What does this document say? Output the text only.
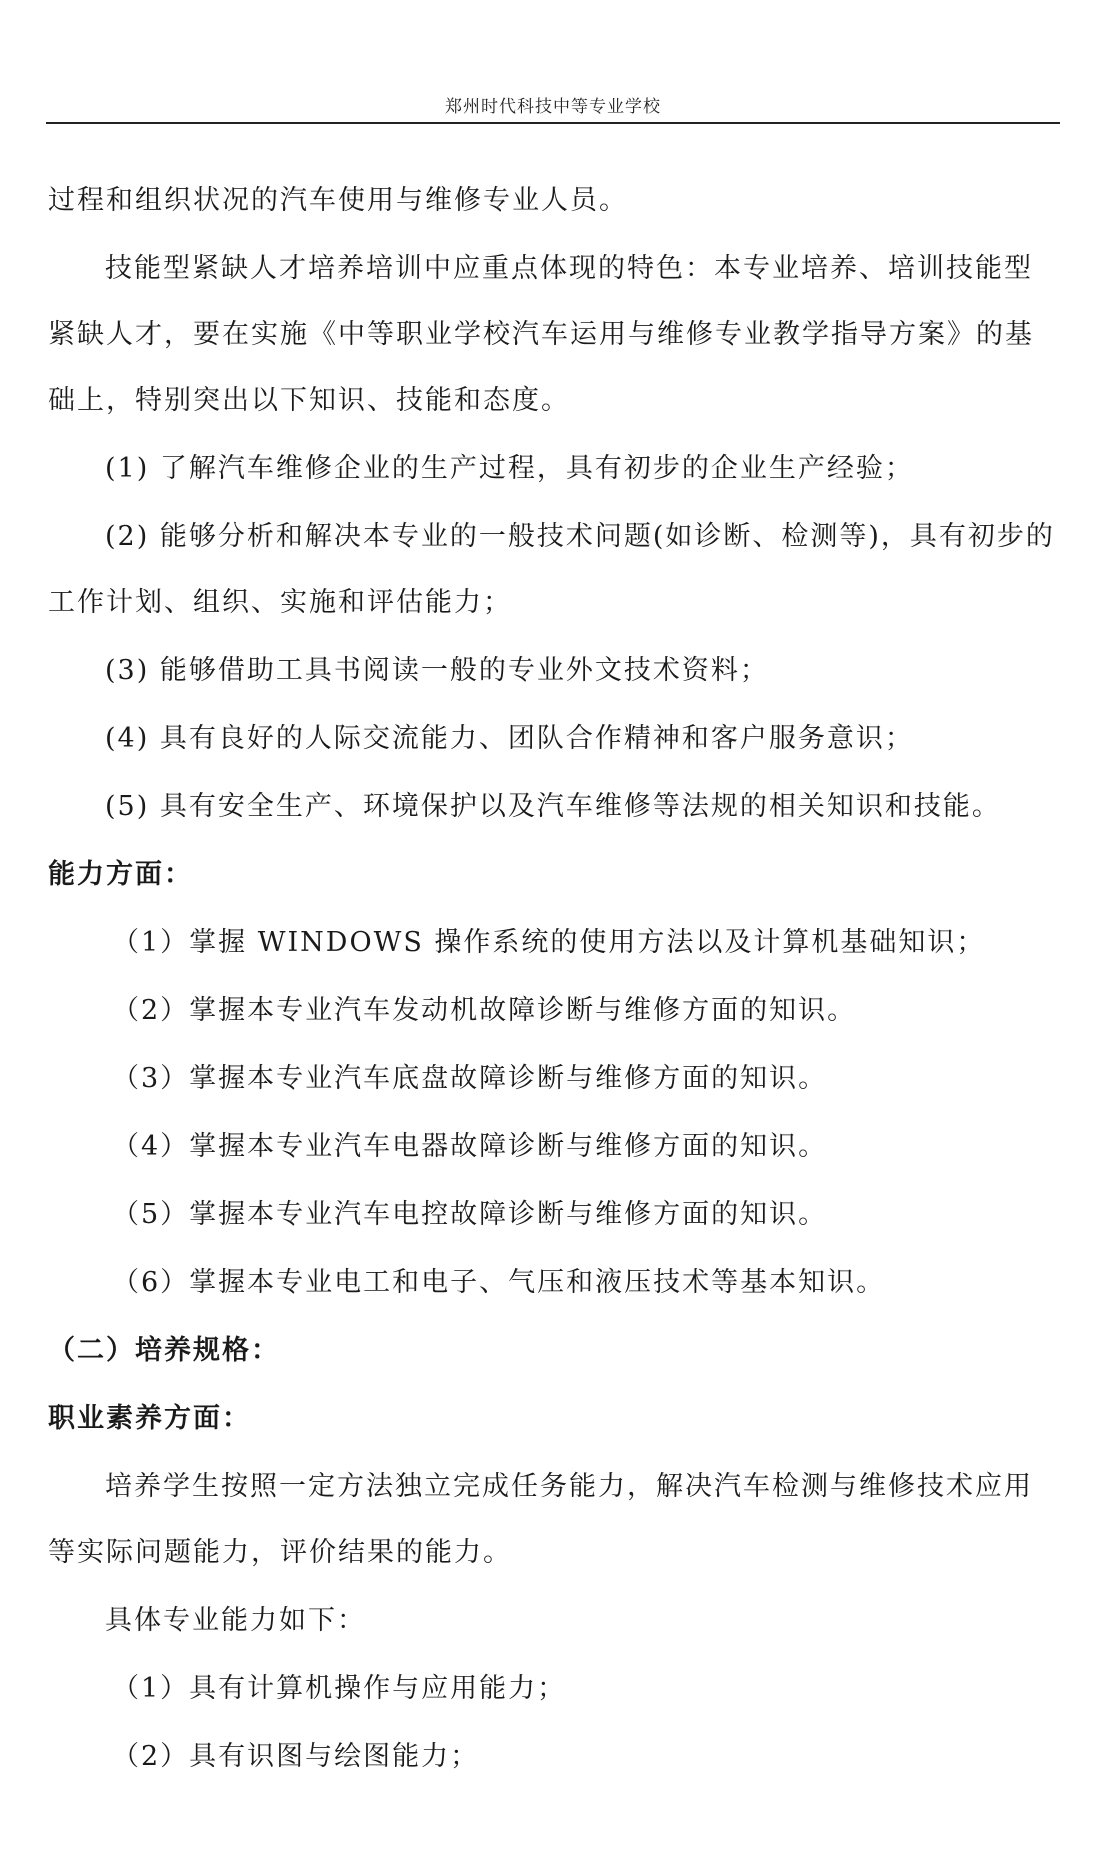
郑州时代科技中等专业学校

过程和组织状况的汽车使用与维修专业人员。

技能型紧缺人才培养培训中应重点体现的特色：本专业培养、培训技能型紧缺人才，要在实施《中等职业学校汽车运用与维修专业教学指导方案》的基础上，特别突出以下知识、技能和态度。

(1) 了解汽车维修企业的生产过程，具有初步的企业生产经验；

(2) 能够分析和解决本专业的一般技术问题(如诊断、检测等)，具有初步的工作计划、组织、实施和评估能力；

(3) 能够借助工具书阅读一般的专业外文技术资料；

(4) 具有良好的人际交流能力、团队合作精神和客户服务意识；

(5) 具有安全生产、环境保护以及汽车维修等法规的相关知识和技能。

能力方面：

（1）掌握 WINDOWS 操作系统的使用方法以及计算机基础知识；

（2）掌握本专业汽车发动机故障诊断与维修方面的知识。

（3）掌握本专业汽车底盘故障诊断与维修方面的知识。

（4）掌握本专业汽车电器故障诊断与维修方面的知识。

（5）掌握本专业汽车电控故障诊断与维修方面的知识。

（6）掌握本专业电工和电子、气压和液压技术等基本知识。

（二）培养规格：

职业素养方面：

培养学生按照一定方法独立完成任务能力，解决汽车检测与维修技术应用等实际问题能力，评价结果的能力。

具体专业能力如下：

（1）具有计算机操作与应用能力；

（2）具有识图与绘图能力；
